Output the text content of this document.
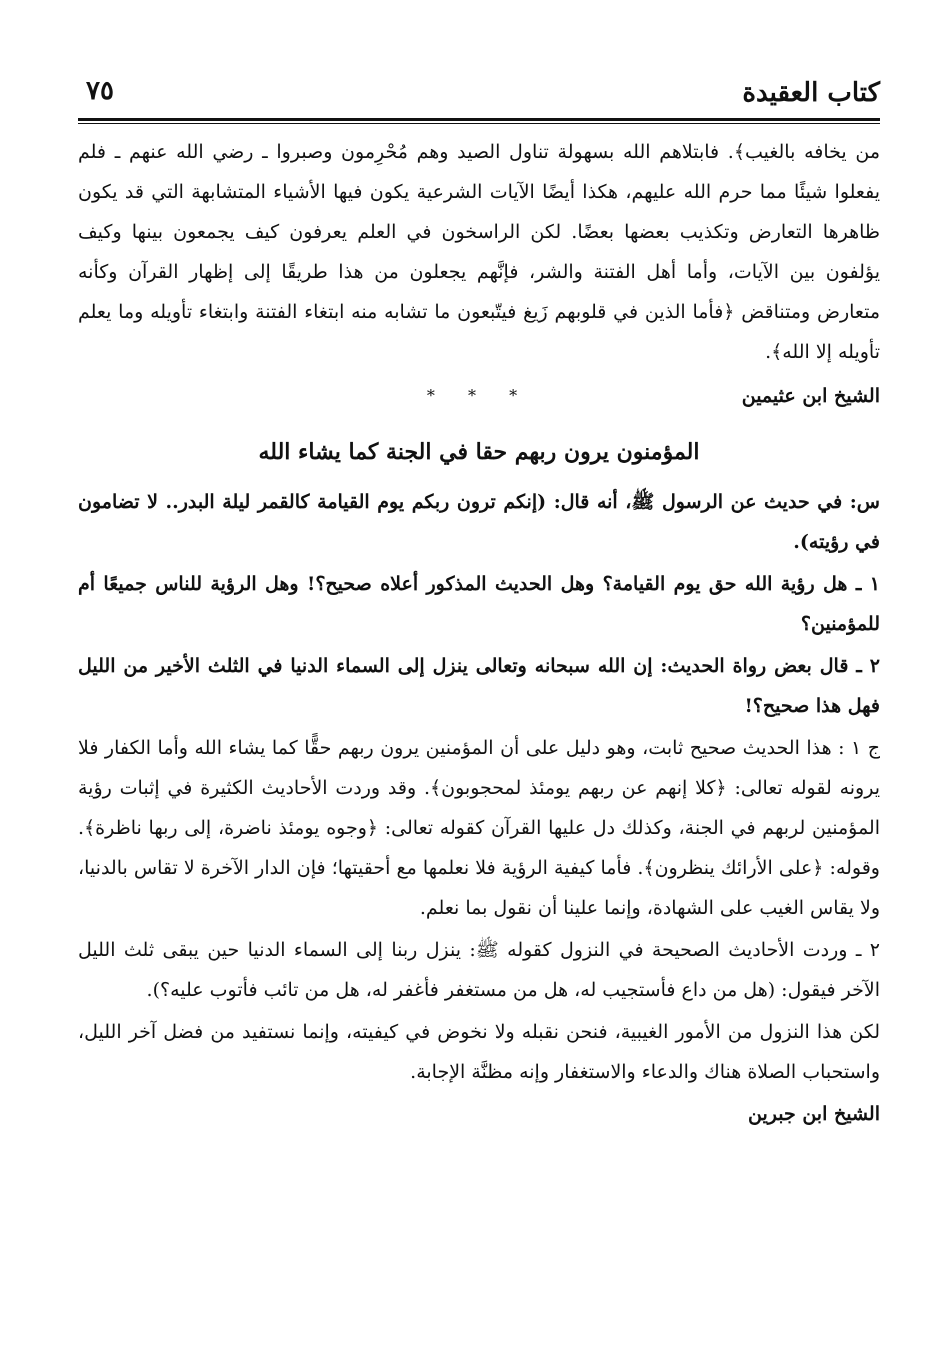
كتاب العقيدة
٧٥

من يخافه بالغيب﴾. فابتلاهم الله بسهولة تناول الصيد وهم مُحْرِمون وصبروا ـ رضي الله عنهم ـ فلم يفعلوا شيئًا مما حرم الله عليهم، هكذا أيضًا الآيات الشرعية يكون فيها الأشياء المتشابهة التي قد يكون ظاهرها التعارض وتكذيب بعضها بعضًا. لكن الراسخون في العلم يعرفون كيف يجمعون بينها وكيف يؤلفون بين الآيات، وأما أهل الفتنة والشر، فإنَّهم يجعلون من هذا طريقًا إلى إظهار القرآن وكأنه متعارض ومتناقض ﴿فأما الذين في قلوبهم زَيغ فيتّبعون ما تشابه منه ابتغاء الفتنة وابتغاء تأويله وما يعلم تأويله إلا الله﴾.

الشيخ ابن عثيمين
* * *
المؤمنون يرون ربهم حقا في الجنة كما يشاء الله

س: في حديث عن الرسول ﷺ، أنه قال: (إنكم ترون ربكم يوم القيامة كالقمر ليلة البدر.. لا تضامون في رؤيته).

١ ـ هل رؤية الله حق يوم القيامة؟ وهل الحديث المذكور أعلاه صحيح؟! وهل الرؤية للناس جميعًا أم للمؤمنين؟

٢ ـ قال بعض رواة الحديث: إن الله سبحانه وتعالى ينزل إلى السماء الدنيا في الثلث الأخير من الليل فهل هذا صحيح؟!

ج ١ : هذا الحديث صحيح ثابت، وهو دليل على أن المؤمنين يرون ربهم حقًّا كما يشاء الله وأما الكفار فلا يرونه لقوله تعالى: ﴿كلا إنهم عن ربهم يومئذ لمحجوبون﴾. وقد وردت الأحاديث الكثيرة في إثبات رؤية المؤمنين لربهم في الجنة، وكذلك دل عليها القرآن كقوله تعالى: ﴿وجوه يومئذ ناضرة، إلى ربها ناظرة﴾. وقوله: ﴿على الأرائك ينظرون﴾. فأما كيفية الرؤية فلا نعلمها مع أحقيتها؛ فإن الدار الآخرة لا تقاس بالدنيا، ولا يقاس الغيب على الشهادة، وإنما علينا أن نقول بما نعلم.

٢ ـ وردت الأحاديث الصحيحة في النزول كقوله ﷺ: ينزل ربنا إلى السماء الدنيا حين يبقى ثلث الليل الآخر فيقول: (هل من داع فأستجيب له، هل من مستغفر فأغفر له، هل من تائب فأتوب عليه؟).

لكن هذا النزول من الأمور الغيبية، فنحن نقبله ولا نخوض في كيفيته، وإنما نستفيد من فضل آخر الليل، واستحباب الصلاة هناك والدعاء والاستغفار وإنه مظنَّة الإجابة.

الشيخ ابن جبرين
